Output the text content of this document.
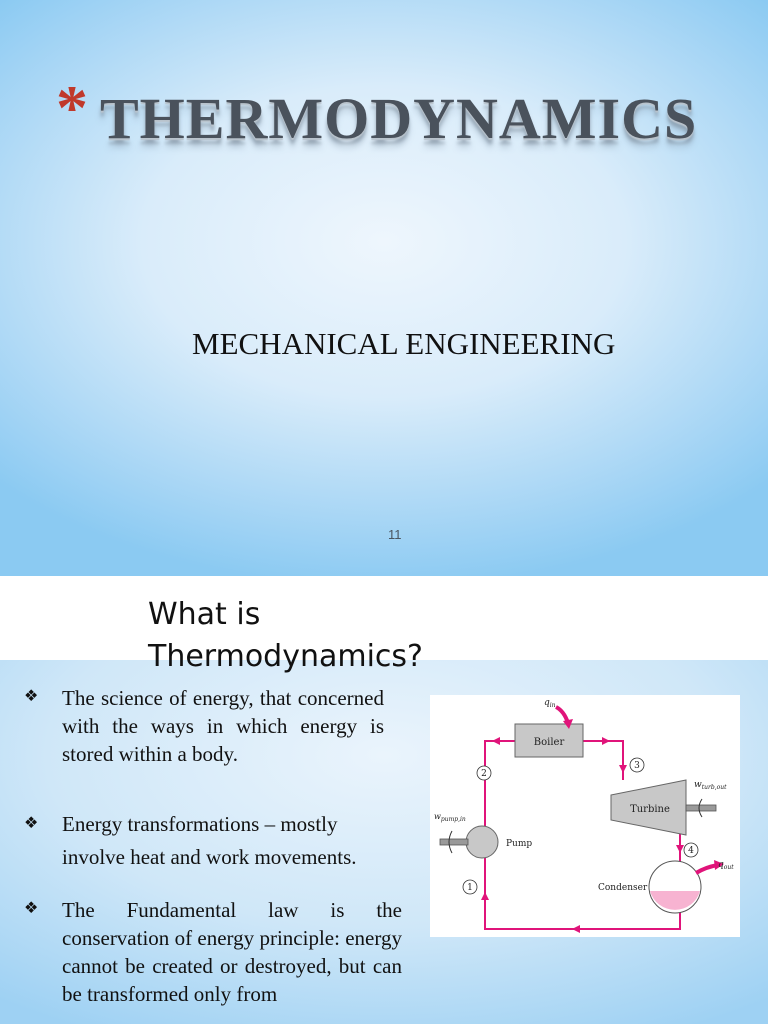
* THERMODYNAMICS
MECHANICAL ENGINEERING
11
What is
Thermodynamics?
❖ The science of energy, that concerned with the ways in which energy is stored within a body.
❖ Energy transformations – mostly involve heat and work movements.
❖ The Fundamental law is the conservation of energy principle: energy cannot be created or destroyed, but can be transformed only from
Boiler
$q_{in}$
Turbine
$w_{turb,out}$
Pump
$w_{pump,in}$
Condenser
$q_{out}$
1
2
3
4
